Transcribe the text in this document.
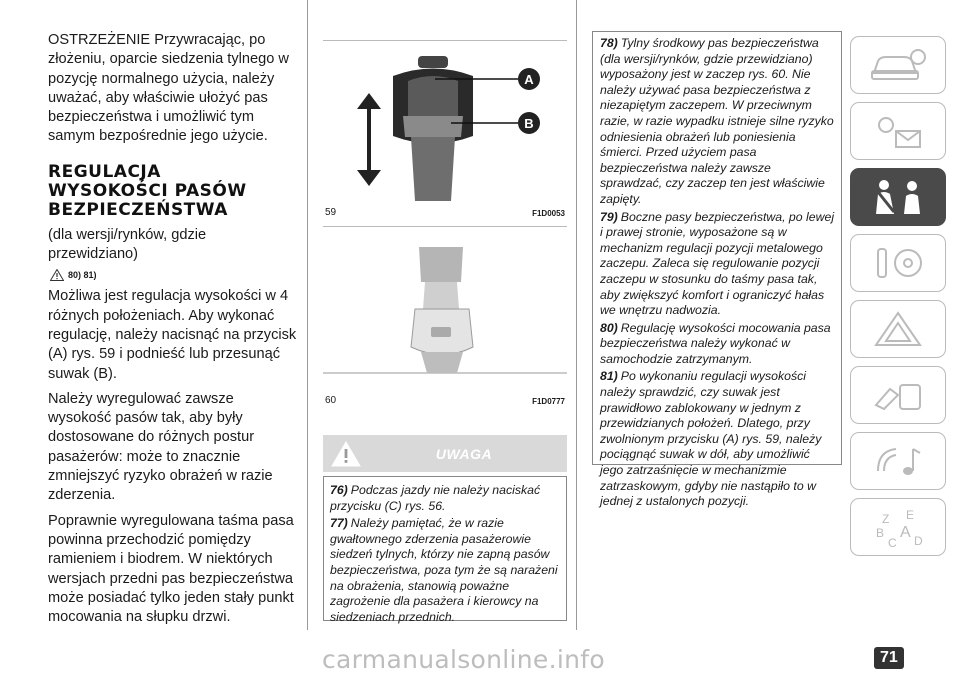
OSTRZEŻENIE Przywracając, po złożeniu, oparcie siedzenia tylnego w pozycję normalnego użycia, należy uważać, aby właściwie ułożyć pas bezpieczeństwa i umożliwić tym samym bezpośrednie jego użycie.

REGULACJA
WYSOKOŚCI PASÓW
BEZPIECZEŃSTWA

(dla wersji/rynków, gdzie przewidziano)

80) 81)

Możliwa jest regulacja wysokości w 4 różnych położeniach. Aby wykonać regulację, należy nacisnąć na przycisk (A) rys. 59 i podnieść lub przesunąć suwak (B).

Należy wyregulować zawsze wysokość pasów tak, aby były dostosowane do różnych postur pasażerów: może to znacznie zmniejszyć ryzyko obrażeń w razie zderzenia.

Poprawnie wyregulowana taśma pasa powinna przechodzić pomiędzy ramieniem i biodrem. W niektórych wersjach przedni pas bezpieczeństwa może posiadać tylko jeden stały punkt mocowania na słupku drzwi.

A
B
59	F1D0053
60	F1D0777
UWAGA

76) Podczas jazdy nie należy naciskać przycisku (C) rys. 56.

77) Należy pamiętać, że w razie gwałtownego zderzenia pasażerowie siedzeń tylnych, którzy nie zapną pasów bezpieczeństwa, poza tym że są narażeni na obrażenia, stanowią poważne zagrożenie dla pasażera i kierowcy na siedzeniach przednich.

78) Tylny środkowy pas bezpieczeństwa (dla wersji/rynków, gdzie przewidziano) wyposażony jest w zaczep rys. 60. Nie należy używać pasa bezpieczeństwa z niezapiętym zaczepem. W przeciwnym razie, w razie wypadku istnieje silne ryzyko odniesienia obrażeń lub poniesienia śmierci. Przed użyciem pasa bezpieczeństwa należy zawsze sprawdzać, czy zaczep ten jest właściwie zapięty.

79) Boczne pasy bezpieczeństwa, po lewej i prawej stronie, wyposażone są w mechanizm regulacji pozycji metalowego zaczepu. Zaleca się regulowanie pozycji zaczepu w stosunku do taśmy pasa tak, aby zwiększyć komfort i ograniczyć hałas we wnętrzu nadwozia.

80) Regulację wysokości mocowania pasa bezpieczeństwa należy wykonać w samochodzie zatrzymanym.

81) Po wykonaniu regulacji wysokości należy sprawdzić, czy suwak jest prawidłowo zablokowany w jednym z przewidzianych położeń. Dlatego, przy zwolnionym przycisku (A) rys. 59, należy pociągnąć suwak w dół, aby umożliwić jego zatrzaśnięcie w mechanizmie zatrzaskowym, gdyby nie nastąpiło to w jednej z ustalonych pozycji.

Z E
B A
C D
carmanualsonline.info	71
